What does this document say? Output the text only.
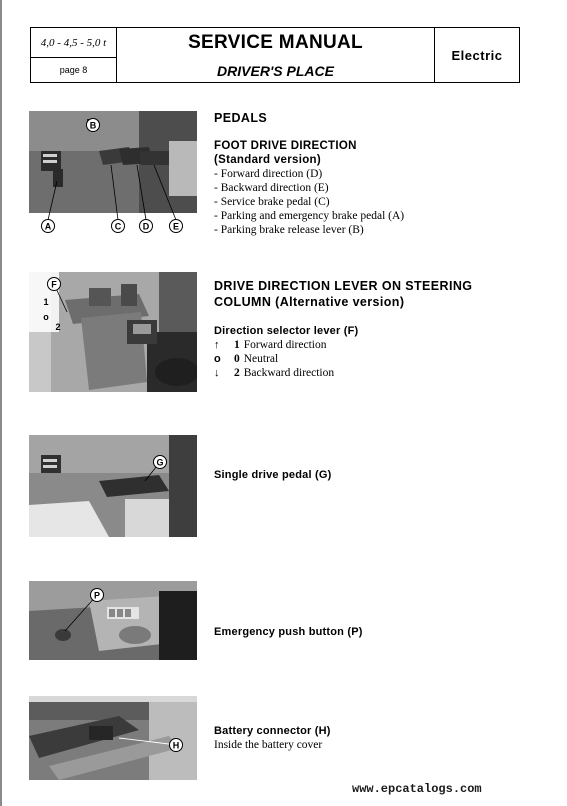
4,0 - 4,5 - 5,0 t
page 8
SERVICE MANUAL
DRIVER'S PLACE
Electric
B
A	C D	E
PEDALS
FOOT DRIVE DIRECTION
(Standard version)
- Forward direction (D)
- Backward direction (E)
- Service brake pedal (C)
- Parking and emergency brake pedal (A)
- Parking brake release lever (B)
F
1
o
2
DRIVE DIRECTION LEVER ON STEERING
COLUMN (Alternative version)
Direction selector lever (F)
↑	1 Forward direction
o	0 Neutral
↓	2 Backward direction
G
Single drive pedal (G)
P
Emergency push button (P)
H
Battery connector (H)
Inside the battery cover
www.epcatalogs.com
